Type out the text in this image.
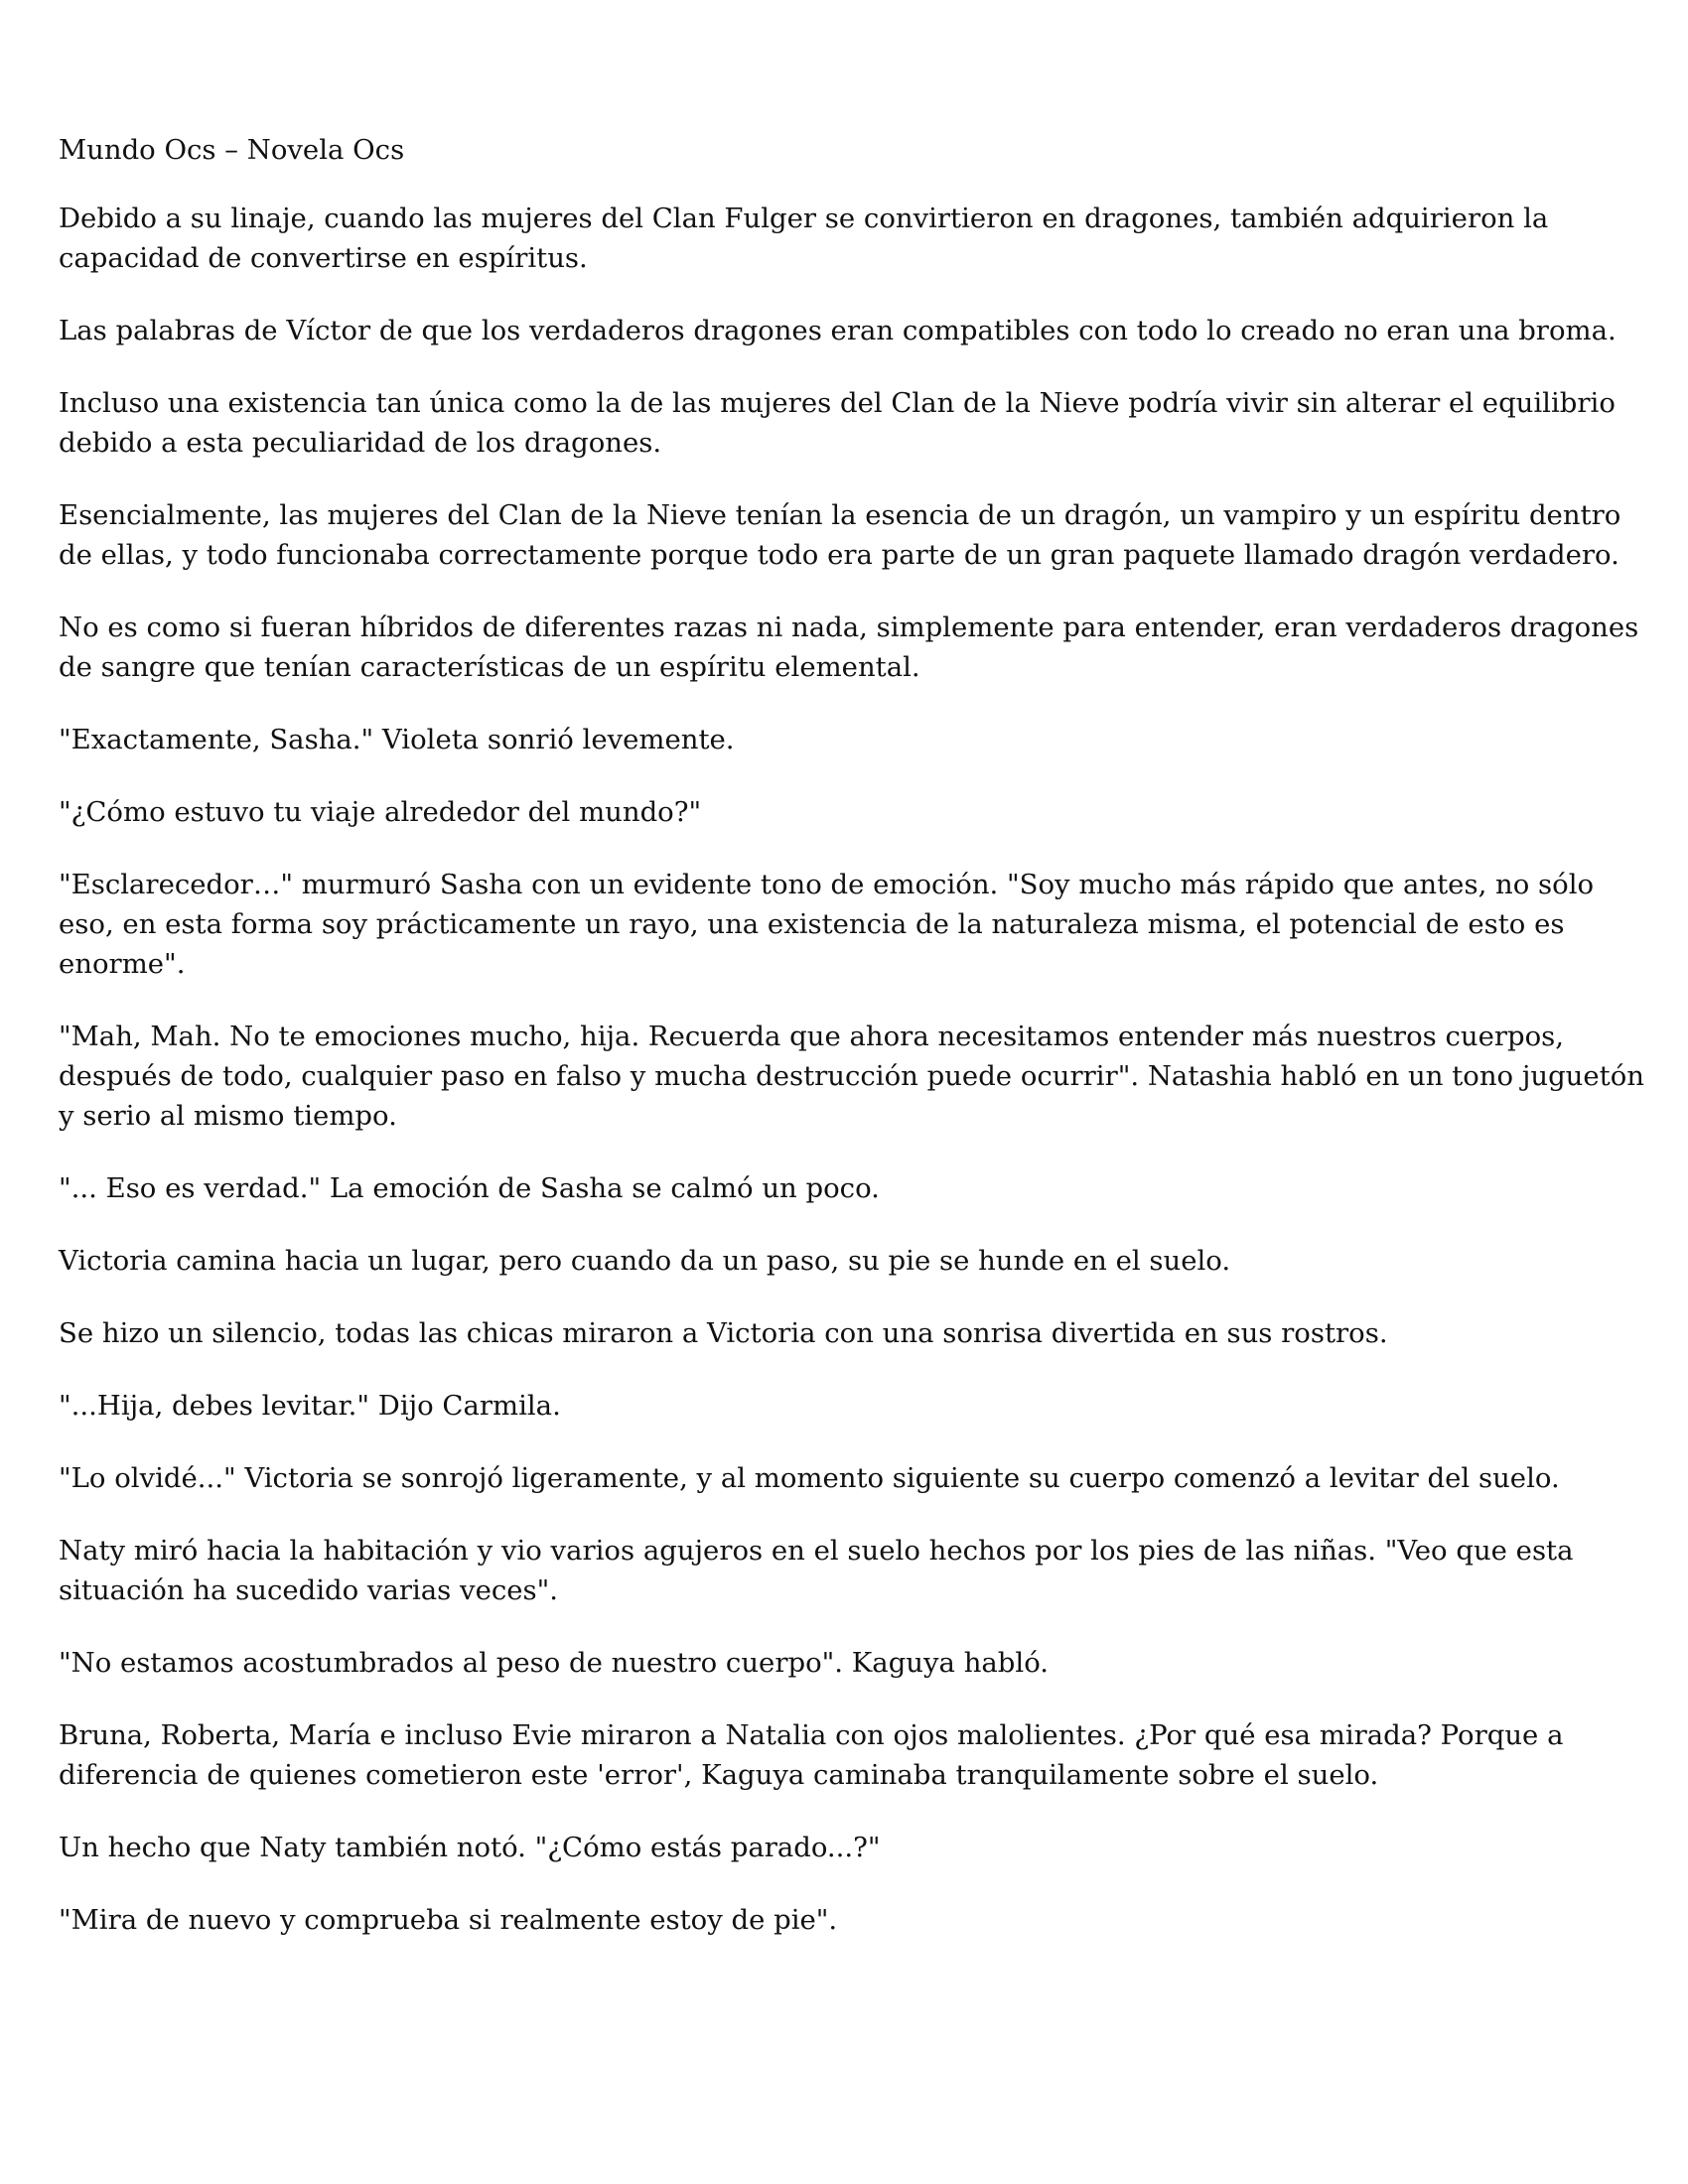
Mundo Ocs – Novela Ocs

Debido a su linaje, cuando las mujeres del Clan Fulger se convirtieron en dragones, también adquirieron la capacidad de convertirse en espíritus.

Las palabras de Víctor de que los verdaderos dragones eran compatibles con todo lo creado no eran una broma.

Incluso una existencia tan única como la de las mujeres del Clan de la Nieve podría vivir sin alterar el equilibrio debido a esta peculiaridad de los dragones.

Esencialmente, las mujeres del Clan de la Nieve tenían la esencia de un dragón, un vampiro y un espíritu dentro de ellas, y todo funcionaba correctamente porque todo era parte de un gran paquete llamado dragón verdadero.

No es como si fueran híbridos de diferentes razas ni nada, simplemente para entender, eran verdaderos dragones de sangre que tenían características de un espíritu elemental.

"Exactamente, Sasha." Violeta sonrió levemente.

"¿Cómo estuvo tu viaje alrededor del mundo?"

"Esclarecedor…" murmuró Sasha con un evidente tono de emoción. "Soy mucho más rápido que antes, no sólo eso, en esta forma soy prácticamente un rayo, una existencia de la naturaleza misma, el potencial de esto es enorme".

"Mah, Mah. No te emociones mucho, hija. Recuerda que ahora necesitamos entender más nuestros cuerpos, después de todo, cualquier paso en falso y mucha destrucción puede ocurrir". Natashia habló en un tono juguetón y serio al mismo tiempo.

"... Eso es verdad." La emoción de Sasha se calmó un poco.

Victoria camina hacia un lugar, pero cuando da un paso, su pie se hunde en el suelo.

Se hizo un silencio, todas las chicas miraron a Victoria con una sonrisa divertida en sus rostros.

"...Hija, debes levitar." Dijo Carmila.

"Lo olvidé..." Victoria se sonrojó ligeramente, y al momento siguiente su cuerpo comenzó a levitar del suelo.

Naty miró hacia la habitación y vio varios agujeros en el suelo hechos por los pies de las niñas. "Veo que esta situación ha sucedido varias veces".

"No estamos acostumbrados al peso de nuestro cuerpo". Kaguya habló.

Bruna, Roberta, María e incluso Evie miraron a Natalia con ojos malolientes. ¿Por qué esa mirada? Porque a diferencia de quienes cometieron este 'error', Kaguya caminaba tranquilamente sobre el suelo.

Un hecho que Naty también notó. "¿Cómo estás parado...?"

"Mira de nuevo y comprueba si realmente estoy de pie".
